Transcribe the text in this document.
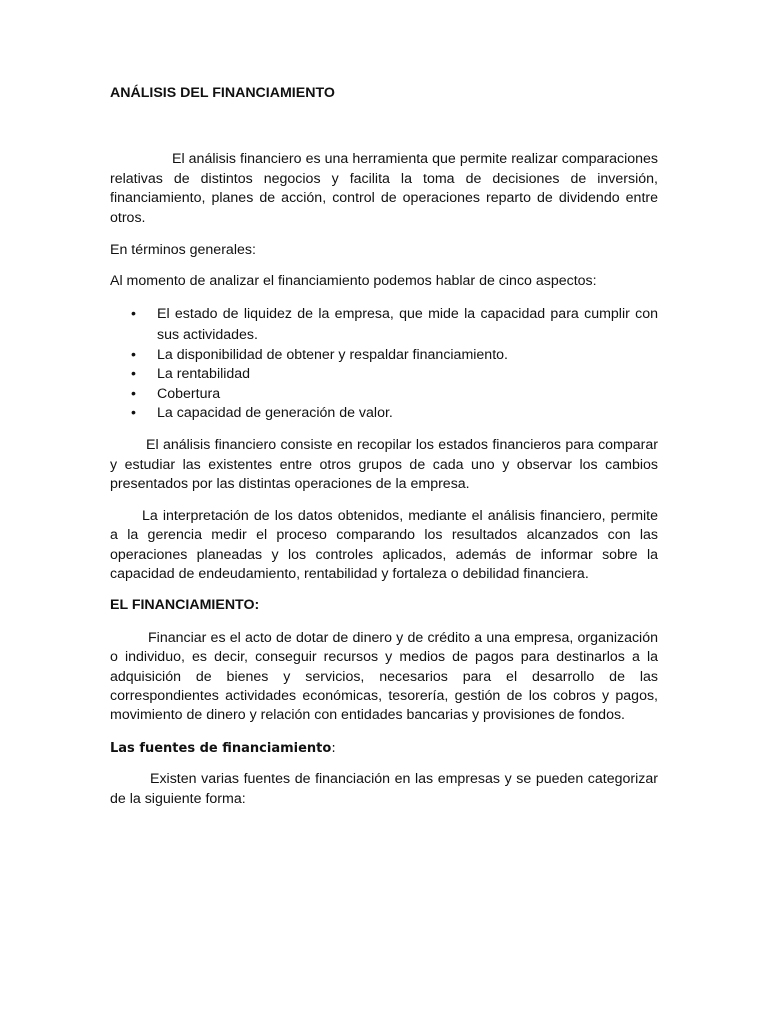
ANÁLISIS DEL FINANCIAMIENTO

El análisis financiero es una herramienta que permite realizar comparaciones relativas de distintos negocios y facilita la toma de decisiones de inversión, financiamiento, planes de acción, control de operaciones reparto de dividendo entre otros.

En términos generales:

Al momento de analizar el financiamiento podemos hablar de cinco aspectos:

• El estado de liquidez de la empresa, que mide la capacidad para cumplir con sus actividades.
• La disponibilidad de obtener y respaldar financiamiento.
• La rentabilidad
• Cobertura
• La capacidad de generación de valor.

El análisis financiero consiste en recopilar los estados financieros para comparar y estudiar las existentes entre otros grupos de cada uno y observar los cambios presentados por las distintas operaciones de la empresa.

La interpretación de los datos obtenidos, mediante el análisis financiero, permite a la gerencia medir el proceso comparando los resultados alcanzados con las operaciones planeadas y los controles aplicados, además de informar sobre la capacidad de endeudamiento, rentabilidad y fortaleza o debilidad financiera.

EL FINANCIAMIENTO:

Financiar es el acto de dotar de dinero y de crédito a una empresa, organización o individuo, es decir, conseguir recursos y medios de pagos para destinarlos a la adquisición de bienes y servicios, necesarios para el desarrollo de las correspondientes actividades económicas, tesorería, gestión de los cobros y pagos, movimiento de dinero y relación con entidades bancarias y provisiones de fondos.

Las fuentes de financiamiento:

Existen varias fuentes de financiación en las empresas y se pueden categorizar de la siguiente forma:
